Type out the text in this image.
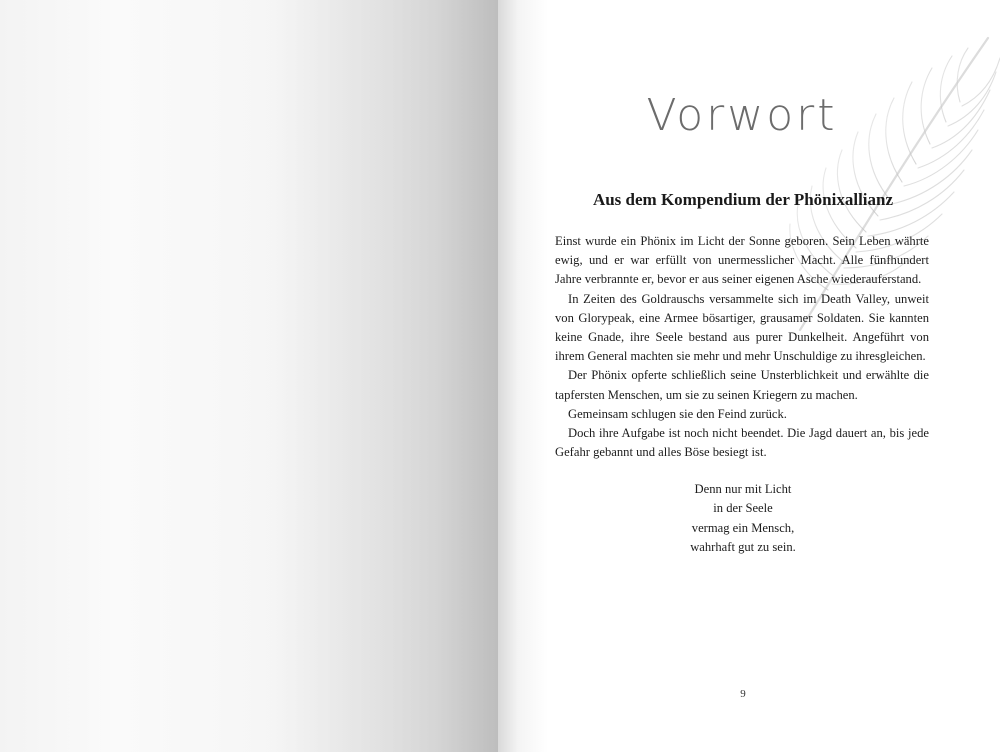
Vorwort
Aus dem Kompendium der Phönixallianz

Einst wurde ein Phönix im Licht der Sonne geboren. Sein Leben währte ewig, und er war erfüllt von unermesslicher Macht. Alle fünfhundert Jahre verbrannte er, bevor er aus seiner eigenen Asche wiederauferstand.

In Zeiten des Goldrauschs versammelte sich im Death Valley, unweit von Glorypeak, eine Armee bösartiger, grausamer Soldaten. Sie kannten keine Gnade, ihre Seele bestand aus purer Dunkelheit. Angeführt von ihrem General machten sie mehr und mehr Unschuldige zu ihresgleichen.

Der Phönix opferte schließlich seine Unsterblichkeit und erwählte die tapfersten Menschen, um sie zu seinen Kriegern zu machen.

Gemeinsam schlugen sie den Feind zurück.

Doch ihre Aufgabe ist noch nicht beendet. Die Jagd dauert an, bis jede Gefahr gebannt und alles Böse besiegt ist.

Denn nur mit Licht
in der Seele
vermag ein Mensch,
wahrhaft gut zu sein.
9
